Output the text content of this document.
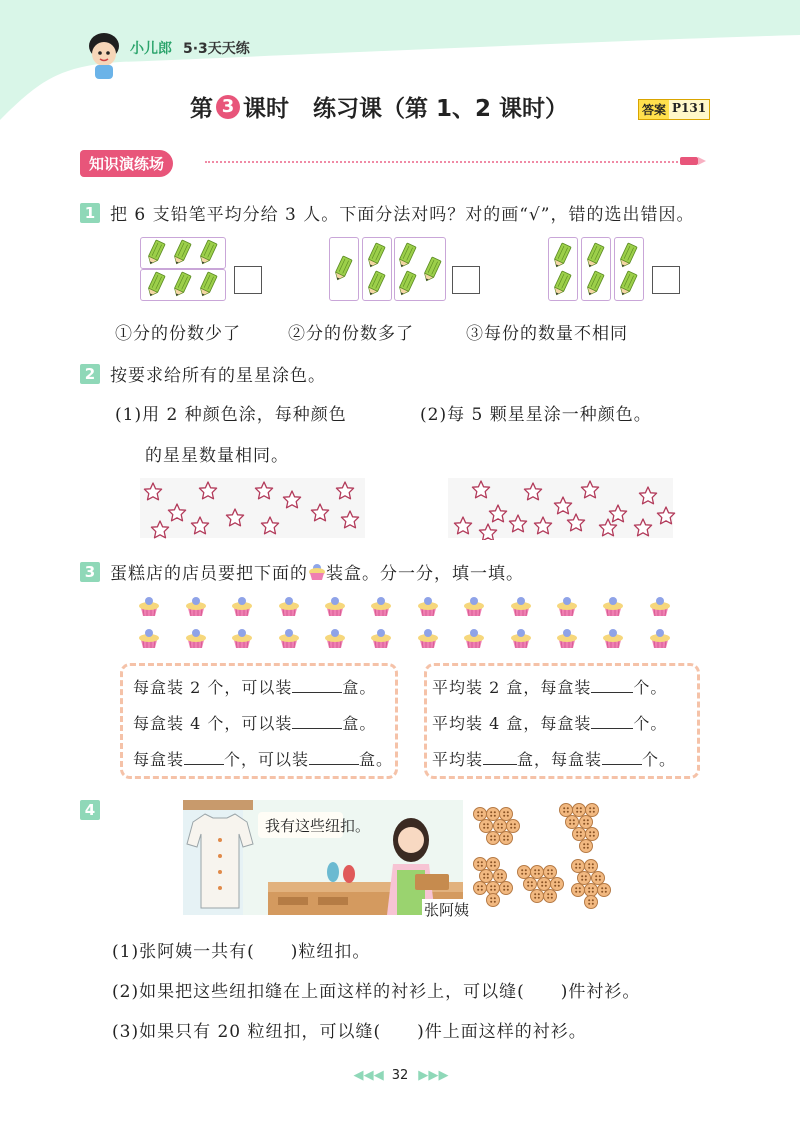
小儿郎 5·3天天练
第 3 课时 练习课（第 1、2 课时）	答案 P131
知识演练场
1 把 6 支铅笔平均分给 3 人。下面分法对吗？对的画“√”，错的选出错因。
①分的份数少了	②分的份数多了	③每份的数量不相同
2 按要求给所有的星星涂色。
(1)用 2 种颜色涂，每种颜色
的星星数量相同。
(2)每 5 颗星星涂一种颜色。
3 蛋糕店的店员要把下面的 装盒。分一分，填一填。
每盒装 2 个，可以装	盒。
每盒装 4 个，可以装	盒。
每盒装	个，可以装	盒。
平均装 2 盒，每盒装	个。
平均装 4 盒，每盒装	个。
平均装 盒，每盒装	个。
4
我有这些纽扣。
张阿姨
(1)张阿姨一共有(　　)粒纽扣。
(2)如果把这些纽扣缝在上面这样的衬衫上，可以缝(　　)件衬衫。
(3)如果只有 20 粒纽扣，可以缝(　　)件上面这样的衬衫。
◀ ◀ ◀ 32 ▶ ▶ ▶
